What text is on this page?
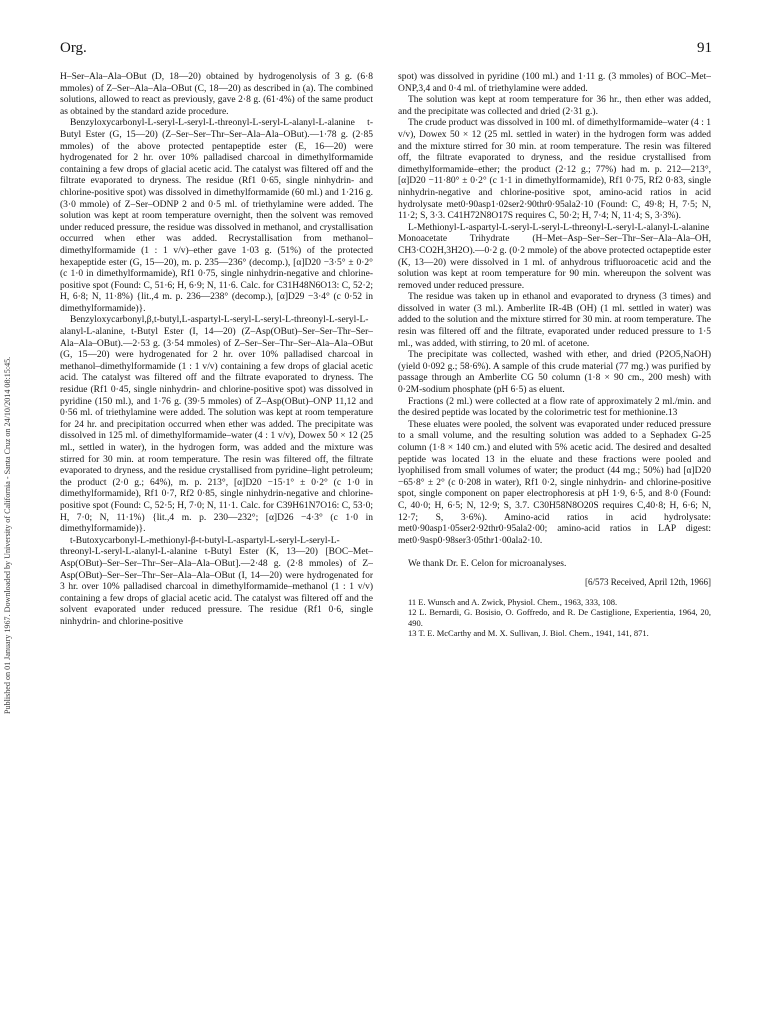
Org.	91
Published on 01 January 1967. Downloaded by University of California - Santa Cruz on 24/10/2014 08:15:45.

H–Ser–Ala–Ala–OBut (D, 18—20) obtained by hydrogenolysis of 3 g. (6·8 mmoles) of Z–Ser–Ala–Ala–OBut (C, 18—20) as described in (a). The combined solutions, allowed to react as previously, gave 2·8 g. (61·4%) of the same product as obtained by the standard azide procedure.

Benzyloxycarbonyl-L-seryl-L-seryl-L-threonyl-L-seryl-L-alanyl-L-alanine t-Butyl Ester (G, 15—20) (Z–Ser–Ser–Thr–Ser–Ala–Ala–OBut).—1·78 g. (2·85 mmoles) of the above protected pentapeptide ester (E, 16—20) were hydrogenated for 2 hr. over 10% palladised charcoal in dimethylformamide containing a few drops of glacial acetic acid. The catalyst was filtered off and the filtrate evaporated to dryness. The residue (Rf1 0·65, single ninhydrin- and chlorine-positive spot) was dissolved in dimethylformamide (60 ml.) and 1·216 g. (3·0 mmole) of Z–Ser–ODNP 2 and 0·5 ml. of triethylamine were added. The solution was kept at room temperature overnight, then the solvent was removed under reduced pressure, the residue was dissolved in methanol, and crystallisation occurred when ether was added. Recrystallisation from methanol–dimethylformamide (1 : 1 v/v)–ether gave 1·03 g. (51%) of the protected hexapeptide ester (G, 15—20), m. p. 235—236° (decomp.), [α]D20 −3·5° ± 0·2° (c 1·0 in dimethylformamide), Rf1 0·75, single ninhydrin-negative and chlorine-positive spot (Found: C, 51·6; H, 6·9; N, 11·6. Calc. for C31H48N6O13: C, 52·2; H, 6·8; N, 11·8%) {lit.,4 m. p. 236—238° (decomp.), [α]D29 −3·4° (c 0·52 in dimethylformamide)}.

Benzyloxycarbonyl,β,t-butyl,L-aspartyl-L-seryl-L-seryl-L-threonyl-L-seryl-L-alanyl-L-alanine, t-Butyl Ester (I, 14—20) (Z–Asp(OBut)–Ser–Ser–Thr–Ser–Ala–Ala–OBut).—2·53 g. (3·54 mmoles) of Z–Ser–Ser–Thr–Ser–Ala–Ala–OBut (G, 15—20) were hydrogenated for 2 hr. over 10% palladised charcoal in methanol–dimethylformamide (1 : 1 v/v) containing a few drops of glacial acetic acid. The catalyst was filtered off and the filtrate evaporated to dryness. The residue (Rf1 0·45, single ninhydrin- and chlorine-positive spot) was dissolved in pyridine (150 ml.), and 1·76 g. (39·5 mmoles) of Z–Asp(OBut)–ONP 11,12 and 0·56 ml. of triethylamine were added. The solution was kept at room temperature for 24 hr. and precipitation occurred when ether was added. The precipitate was dissolved in 125 ml. of dimethylformamide–water (4 : 1 v/v), Dowex 50 × 12 (25 ml., settled in water), in the hydrogen form, was added and the mixture was stirred for 30 min. at room temperature. The resin was filtered off, the filtrate evaporated to dryness, and the residue crystallised from pyridine–light petroleum; the product (2·0 g.; 64%), m. p. 213°, [α]D20 −15·1° ± 0·2° (c 1·0 in dimethylformamide), Rf1 0·7, Rf2 0·85, single ninhydrin-negative and chlorine-positive spot (Found: C, 52·5; H, 7·0; N, 11·1. Calc. for C39H61N7O16: C, 53·0; H, 7·0; N, 11·1%) {lit.,4 m. p. 230—232°; [α]D26 −4·3° (c 1·0 in dimethylformamide)}.

t-Butoxycarbonyl-L-methionyl-β-t-butyl-L-aspartyl-L-seryl-L-seryl-L-threonyl-L-seryl-L-alanyl-L-alanine t-Butyl Ester (K, 13—20) [BOC–Met–Asp(OBut)–Ser–Ser–Thr–Ser–Ala–Ala–OBut].—2·48 g. (2·8 mmoles) of Z–Asp(OBut)–Ser–Ser–Thr–Ser–Ala–Ala–OBut (I, 14—20) were hydrogenated for 3 hr. over 10% palladised charcoal in dimethylformamide–methanol (1 : 1 v/v) containing a few drops of glacial acetic acid. The catalyst was filtered off and the solvent evaporated under reduced pressure. The residue (Rf1 0·6, single ninhydrin- and chlorine-positive

spot) was dissolved in pyridine (100 ml.) and 1·11 g. (3 mmoles) of BOC–Met–ONP,3,4 and 0·4 ml. of triethylamine were added.

The solution was kept at room temperature for 36 hr., then ether was added, and the precipitate was collected and dried (2·31 g.).

The crude product was dissolved in 100 ml. of dimethylformamide–water (4 : 1 v/v), Dowex 50 × 12 (25 ml. settled in water) in the hydrogen form was added and the mixture stirred for 30 min. at room temperature. The resin was filtered off, the filtrate evaporated to dryness, and the residue crystallised from dimethylformamide–ether; the product (2·12 g.; 77%) had m. p. 212—213°, [α]D20 −11·80° ± 0·2° (c 1·1 in dimethylformamide), Rf1 0·75, Rf2 0·83, single ninhydrin-negative and chlorine-positive spot, amino-acid ratios in acid hydrolysate met0·90asp1·02ser2·90thr0·95ala2·10 (Found: C, 49·8; H, 7·5; N, 11·2; S, 3·3. C41H72N8O17S requires C, 50·2; H, 7·4; N, 11·4; S, 3·3%).

L-Methionyl-L-aspartyl-L-seryl-L-seryl-L-threonyl-L-seryl-L-alanyl-L-alanine Monoacetate Trihydrate (H–Met–Asp–Ser–Ser–Thr–Ser–Ala–Ala–OH, CH3·CO2H,3H2O).—0·2 g. (0·2 mmole) of the above protected octapeptide ester (K, 13—20) were dissolved in 1 ml. of anhydrous trifluoroacetic acid and the solution was kept at room temperature for 90 min. whereupon the solvent was removed under reduced pressure.

The residue was taken up in ethanol and evaporated to dryness (3 times) and dissolved in water (3 ml.). Amberlite IR-4B (OH) (1 ml. settled in water) was added to the solution and the mixture stirred for 30 min. at room temperature. The resin was filtered off and the filtrate, evaporated under reduced pressure to 1·5 ml., was added, with stirring, to 20 ml. of acetone.

The precipitate was collected, washed with ether, and dried (P2O5,NaOH) (yield 0·092 g.; 58·6%). A sample of this crude material (77 mg.) was purified by passage through an Amberlite CG 50 column (1·8 × 90 cm., 200 mesh) with 0·2M-sodium phosphate (pH 6·5) as eluent.

Fractions (2 ml.) were collected at a flow rate of approximately 2 ml./min. and the desired peptide was located by the colorimetric test for methionine.13

These eluates were pooled, the solvent was evaporated under reduced pressure to a small volume, and the resulting solution was added to a Sephadex G-25 column (1·8 × 140 cm.) and eluted with 5% acetic acid. The desired and desalted peptide was located 13 in the eluate and these fractions were pooled and lyophilised from small volumes of water; the product (44 mg.; 50%) had [α]D20 −65·8° ± 2° (c 0·208 in water), Rf1 0·2, single ninhydrin- and chlorine-positive spot, single component on paper electrophoresis at pH 1·9, 6·5, and 8·0 (Found: C, 40·0; H, 6·5; N, 12·9; S, 3.7. C30H58N8O20S requires C,40·8; H, 6·6; N, 12·7; S, 3·6%). Amino-acid ratios in acid hydrolysate: met0·90asp1·05ser2·92thr0·95ala2·00; amino-acid ratios in LAP digest: met0·9asp0·98ser3·05thr1·00ala2·10.

We thank Dr. E. Celon for microanalyses.

[6/573 Received, April 12th, 1966]

11 E. Wunsch and A. Zwick, Physiol. Chem., 1963, 333, 108.

12 L. Bernardi, G. Bosisio, O. Goffredo, and R. De Castiglione, Experientia, 1964, 20, 490.

13 T. E. McCarthy and M. X. Sullivan, J. Biol. Chem., 1941, 141, 871.
